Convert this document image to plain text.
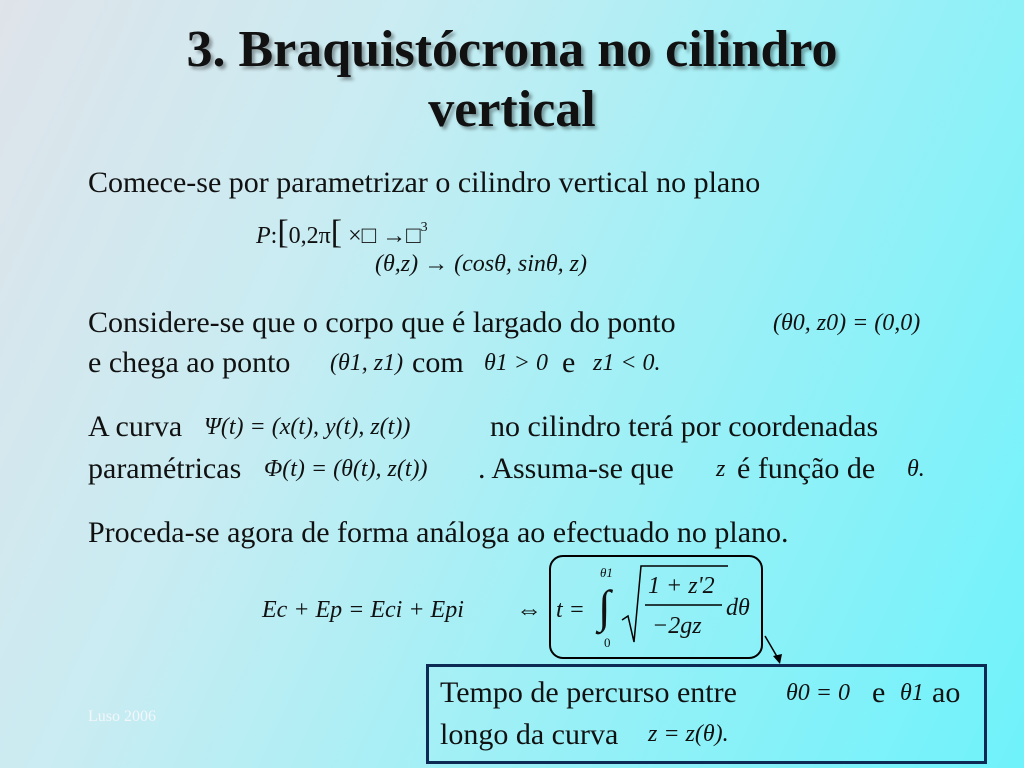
3. Braquistócrona no cilindro
vertical
Comece-se por parametrizar o cilindro vertical no plano
P:[0,2π[ ×□ →□$^3$
(θ,z) → (cosθ, sinθ, z)
Considere-se que o corpo que é largado do ponto	(θ0, z0) = (0,0)
e chega ao ponto (θ1, z1) com θ1 > 0 e z1 < 0.
A curva Ψ(t) = (x(t), y(t), z(t))	no cilindro terá por coordenadas
paramétricas Φ(t) = (θ(t), z(t)) . Assuma-se que z é função de θ.
Proceda-se agora de forma análoga ao efectuado no plano.
Ec + Ep = Eci + Epi ⇔ t = ∫
θ1
0
1 + z'2
−2gz
dθ
Tempo de percurso entre θ0 = 0 e θ1 ao
longo da curva z = z(θ).
Luso 2006
